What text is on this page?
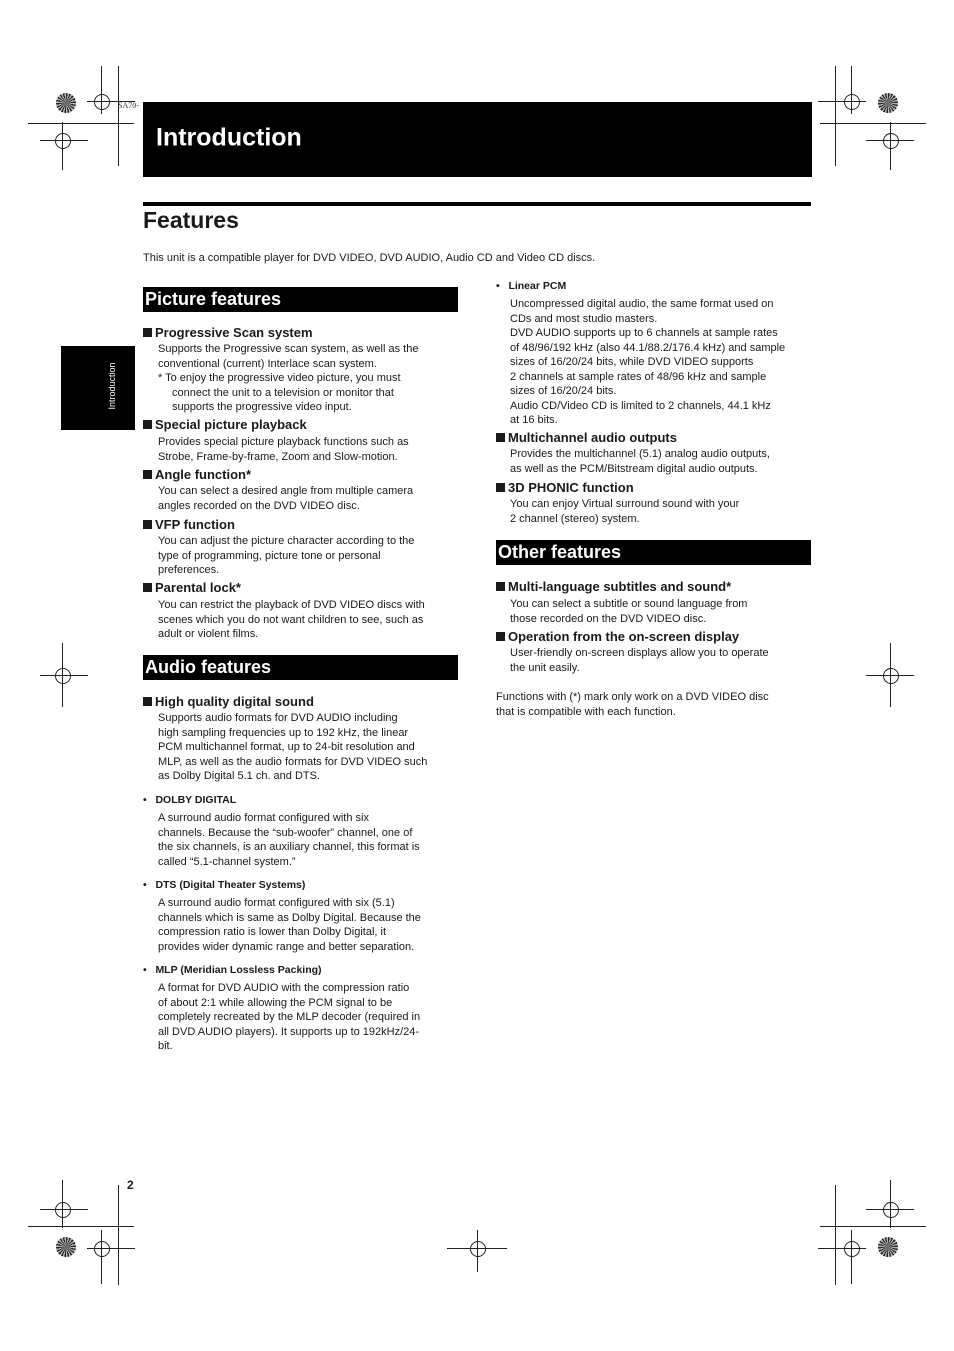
SA70-
Introduction
Features
This unit is a compatible player for DVD VIDEO, DVD AUDIO, Audio CD and Video CD discs.
Introduction
Picture features
Progressive Scan system
Supports the Progressive scan system, as well as the
conventional (current) Interlace scan system.
* To enjoy the progressive video picture, you must
connect the unit to a television or monitor that
supports the progressive video input.
Special picture playback
Provides special picture playback functions such as
Strobe, Frame-by-frame, Zoom and Slow-motion.
Angle function*
You can select a desired angle from multiple camera
angles recorded on the DVD VIDEO disc.
VFP function
You can adjust the picture character according to the
type of programming, picture tone or personal
preferences.
Parental lock*
You can restrict the playback of DVD VIDEO discs with
scenes which you do not want children to see, such as
adult or violent films.
Audio features
High quality digital sound
Supports audio formats for DVD AUDIO including
high sampling frequencies up to 192 kHz, the linear
PCM multichannel format, up to 24-bit resolution and
MLP, as well as the audio formats for DVD VIDEO such
as Dolby Digital 5.1 ch. and DTS.
•   DOLBY DIGITAL
A surround audio format configured with six
channels. Because the “sub-woofer” channel, one of
the six channels, is an auxiliary channel, this format is
called “5.1-channel system.”
•   DTS (Digital Theater Systems)
A surround audio format configured with six (5.1)
channels which is same as Dolby Digital. Because the
compression ratio is lower than Dolby Digital, it
provides wider dynamic range and better separation.
•   MLP (Meridian Lossless Packing)
A format for DVD AUDIO with the compression ratio
of about 2:1 while allowing the PCM signal to be
completely recreated by the MLP decoder (required in
all DVD AUDIO players). It supports up to 192kHz/24-
bit.
•   Linear PCM
Uncompressed digital audio, the same format used on
CDs and most studio masters.
DVD AUDIO supports up to 6 channels at sample rates
of 48/96/192 kHz (also 44.1/88.2/176.4 kHz) and sample
sizes of 16/20/24 bits, while DVD VIDEO supports
2 channels at sample rates of 48/96 kHz and sample
sizes of 16/20/24 bits.
Audio CD/Video CD is limited to 2 channels, 44.1 kHz
at 16 bits.
Multichannel audio outputs
Provides the multichannel (5.1) analog audio outputs,
as well as the PCM/Bitstream digital audio outputs.
3D PHONIC function
You can enjoy Virtual surround sound with your
2 channel (stereo) system.
Other features
Multi-language subtitles and sound*
You can select a subtitle or sound language from
those recorded on the DVD VIDEO disc.
Operation from the on-screen display
User-friendly on-screen displays allow you to operate
the unit easily.
Functions with (*) mark only work on a DVD VIDEO disc
that is compatible with each function.
2
